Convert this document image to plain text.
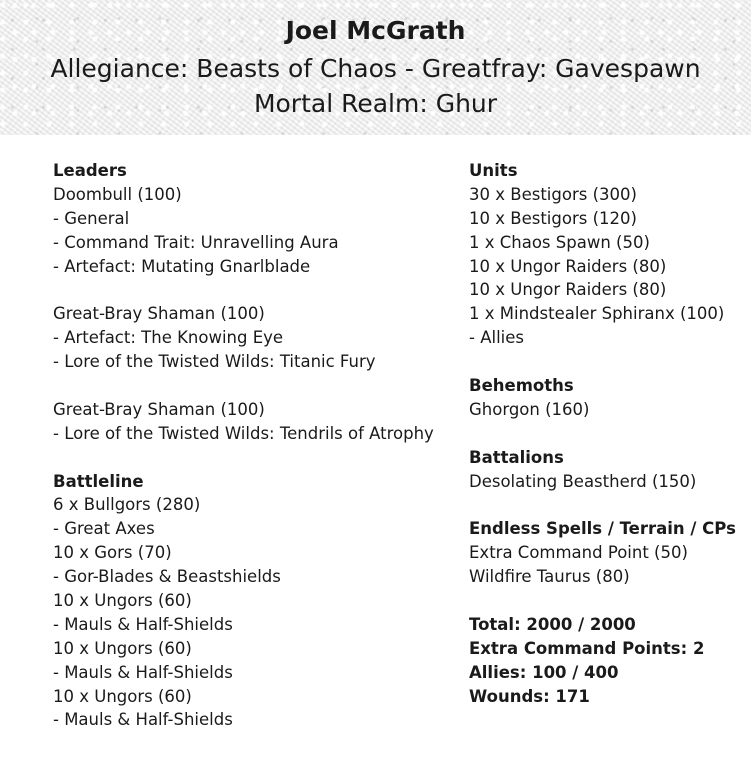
Joel McGrath
Allegiance: Beasts of Chaos - Greatfray: Gavespawn
Mortal Realm: Ghur
Leaders
Doombull (100)
- General
- Command Trait: Unravelling Aura
- Artefact: Mutating Gnarlblade
Great-Bray Shaman (100)
- Artefact: The Knowing Eye
- Lore of the Twisted Wilds: Titanic Fury
Great-Bray Shaman (100)
- Lore of the Twisted Wilds: Tendrils of Atrophy
Battleline
6 x Bullgors (280)
- Great Axes
10 x Gors (70)
- Gor-Blades & Beastshields
10 x Ungors (60)
- Mauls & Half-Shields
10 x Ungors (60)
- Mauls & Half-Shields
10 x Ungors (60)
- Mauls & Half-Shields
Units
30 x Bestigors (300)
10 x Bestigors (120)
1 x Chaos Spawn (50)
10 x Ungor Raiders (80)
10 x Ungor Raiders (80)
1 x Mindstealer Sphiranx (100)
- Allies
Behemoths
Ghorgon (160)
Battalions
Desolating Beastherd (150)
Endless Spells / Terrain / CPs
Extra Command Point (50)
Wildfire Taurus (80)
Total: 2000 / 2000
Extra Command Points: 2
Allies: 100 / 400
Wounds: 171
